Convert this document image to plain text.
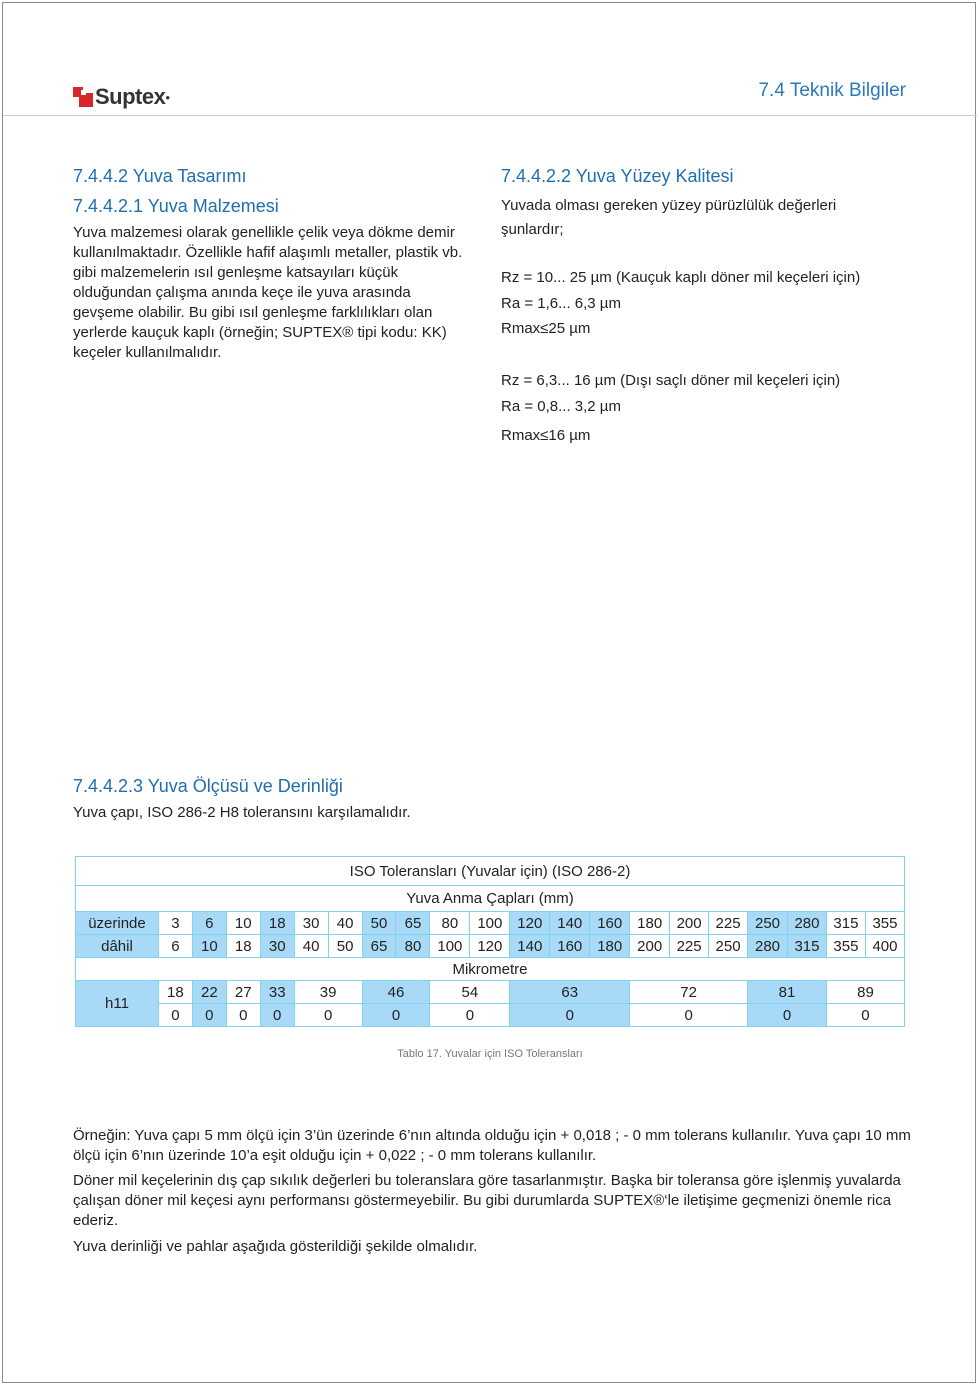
Suptex ●	7.4 Teknik Bilgiler
7.4.4.2 Yuva Tasarımı
7.4.4.2.1 Yuva Malzemesi
Yuva malzemesi olarak genellikle çelik veya dökme demir kullanılmaktadır. Özellikle hafif alaşımlı metaller, plastik vb. gibi malzemelerin ısıl genleşme katsayıları küçük olduğundan çalışma anında keçe ile yuva arasında gevşeme olabilir. Bu gibi ısıl genleşme farklılıkları olan yerlerde kauçuk kaplı (örneğin; SUPTEX® tipi kodu: KK) keçeler kullanılmalıdır.
7.4.4.2.2 Yuva Yüzey Kalitesi
Yuvada olması gereken yüzey pürüzlülük değerleri şunlardır;
Rz = 10... 25 µm (Kauçuk kaplı döner mil keçeleri için)
Ra = 1,6... 6,3 µm
Rmax≤25 µm
Rz = 6,3... 16 µm (Dışı saçlı döner mil keçeleri için)
Ra = 0,8... 3,2 µm
Rmax≤16 µm
7.4.4.2.3 Yuva Ölçüsü ve Derinliği
Yuva çapı, ISO 286-2 H8 toleransını karşılamalıdır.
ISO Toleransları (Yuvalar için) (ISO 286-2)																				
Yuva Anma Çapları (mm)																				
üzerinde	3	6	10	18	30	40	50	65	80	100	120	140	160	180	200	225	250	280	315	355
dâhil	6	10	18	30	40	50	65	80	100	120	140	160	180	200	225	250	280	315	355	400
Mikrometre																				
h11	18	22	27	33	39		46		54		63			72			81		89	
	0	0	0	0	0		0		0		0			0			0		0	
Tablo 17. Yuvalar için ISO Toleransları
Örneğin: Yuva çapı 5 mm ölçü için 3’ün üzerinde 6’nın altında olduğu için + 0,018 ; - 0 mm tolerans kullanılır. Yuva çapı 10 mm ölçü için 6’nın üzerinde 10’a eşit olduğu için + 0,022 ; - 0 mm tolerans kullanılır.
Döner mil keçelerinin dış çap sıkılık değerleri bu toleranslara göre tasarlanmıştır. Başka bir toleransa göre işlenmiş yuvalarda çalışan döner mil keçesi aynı performansı göstermeyebilir. Bu gibi durumlarda SUPTEX®‘le iletişime geçmenizi önemle rica ederiz.
Yuva derinliği ve pahlar aşağıda gösterildiği şekilde olmalıdır.
